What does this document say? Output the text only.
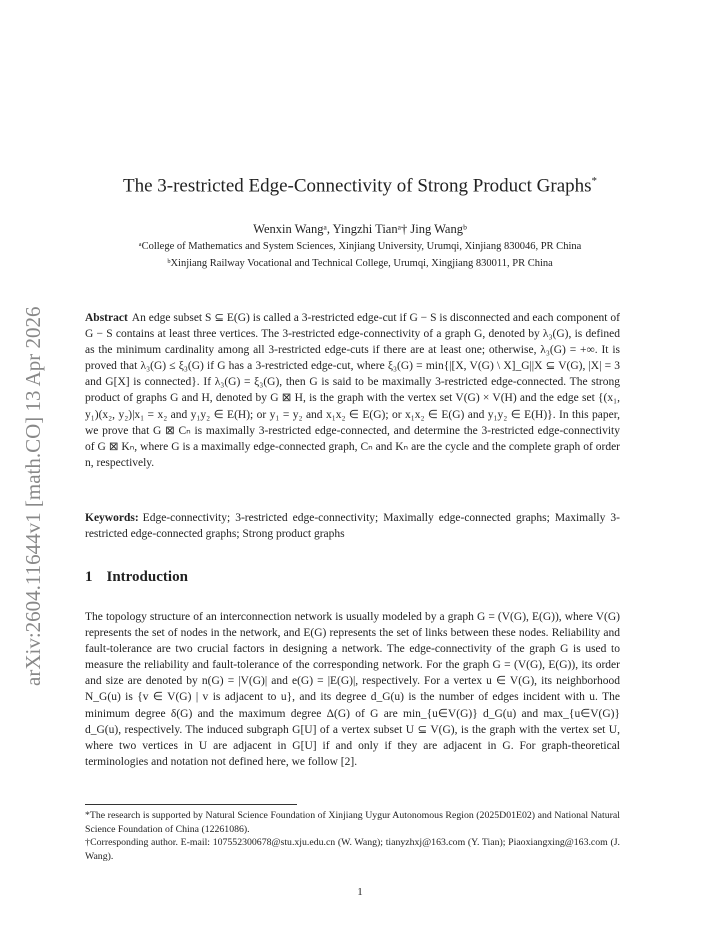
arXiv:2604.11644v1 [math.CO] 13 Apr 2026
The 3-restricted Edge-Connectivity of Strong Product Graphs*
Wenxin Wangᵃ, Yingzhi Tianᵃ† Jing Wangᵇ
ᵃCollege of Mathematics and System Sciences, Xinjiang University, Urumqi, Xinjiang 830046, PR China
ᵇXinjiang Railway Vocational and Technical College, Urumqi, Xingjiang 830011, PR China
Abstract An edge subset S ⊆ E(G) is called a 3-restricted edge-cut if G − S is disconnected and each component of G − S contains at least three vertices. The 3-restricted edge-connectivity of a graph G, denoted by λ₃(G), is defined as the minimum cardinality among all 3-restricted edge-cuts if there are at least one; otherwise, λ₃(G) = +∞. It is proved that λ₃(G) ≤ ξ₃(G) if G has a 3-restricted edge-cut, where ξ₃(G) = min{|[X, V(G) \ X]_G||X ⊆ V(G), |X| = 3 and G[X] is connected}. If λ₃(G) = ξ₃(G), then G is said to be maximally 3-restricted edge-connected. The strong product of graphs G and H, denoted by G ⊠ H, is the graph with the vertex set V(G) × V(H) and the edge set {(x₁, y₁)(x₂, y₂)|x₁ = x₂ and y₁y₂ ∈ E(H); or y₁ = y₂ and x₁x₂ ∈ E(G); or x₁x₂ ∈ E(G) and y₁y₂ ∈ E(H)}. In this paper, we prove that G ⊠ Cₙ is maximally 3-restricted edge-connected, and determine the 3-restricted edge-connectivity of G ⊠ Kₙ, where G is a maximally edge-connected graph, Cₙ and Kₙ are the cycle and the complete graph of order n, respectively.
Keywords: Edge-connectivity; 3-restricted edge-connectivity; Maximally edge-connected graphs; Maximally 3-restricted edge-connected graphs; Strong product graphs
1 Introduction
The topology structure of an interconnection network is usually modeled by a graph G = (V(G), E(G)), where V(G) represents the set of nodes in the network, and E(G) represents the set of links between these nodes. Reliability and fault-tolerance are two crucial factors in designing a network. The edge-connectivity of the graph G is used to measure the reliability and fault-tolerance of the corresponding network. For the graph G = (V(G), E(G)), its order and size are denoted by n(G) = |V(G)| and e(G) = |E(G)|, respectively. For a vertex u ∈ V(G), its neighborhood N_G(u) is {v ∈ V(G) | v is adjacent to u}, and its degree d_G(u) is the number of edges incident with u. The minimum degree δ(G) and the maximum degree Δ(G) of G are min_{u∈V(G)} d_G(u) and max_{u∈V(G)} d_G(u), respectively. The induced subgraph G[U] of a vertex subset U ⊆ V(G), is the graph with the vertex set U, where two vertices in U are adjacent in G[U] if and only if they are adjacent in G. For graph-theoretical terminologies and notation not defined here, we follow [2].
*The research is supported by Natural Science Foundation of Xinjiang Uygur Autonomous Region (2025D01E02) and National Natural Science Foundation of China (12261086).
†Corresponding author. E-mail: 107552300678@stu.xju.edu.cn (W. Wang); tianyzhxj@163.com (Y. Tian); Piaoxiangxing@163.com (J. Wang).
1
